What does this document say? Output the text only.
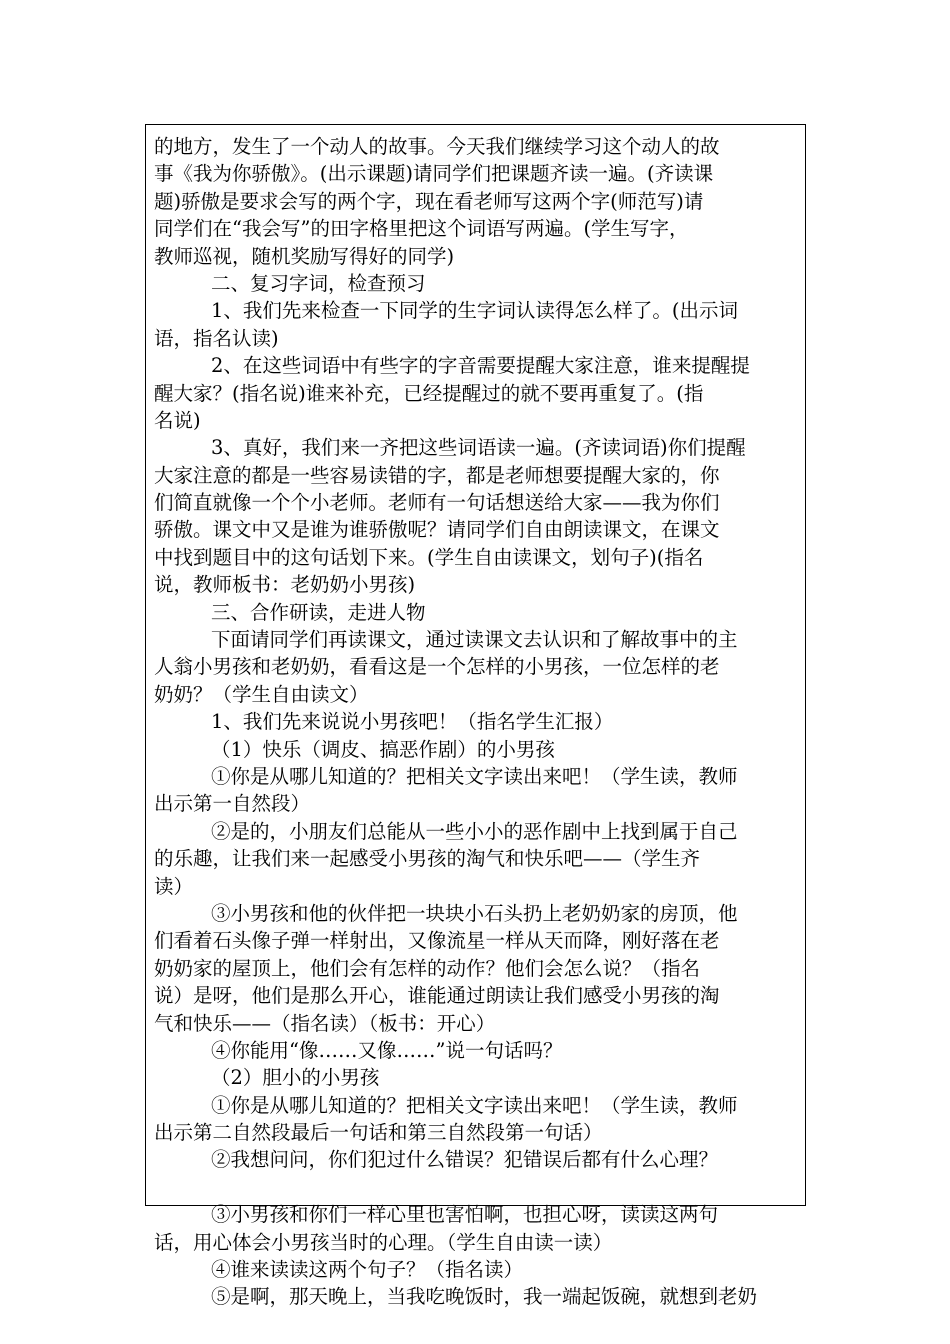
的地方，发生了一个动人的故事。今天我们继续学习这个动人的故
事《我为你骄傲》。(出示课题)请同学们把课题齐读一遍。(齐读课
题)骄傲是要求会写的两个字，现在看老师写这两个字(师范写)请
同学们在“我会写”的田字格里把这个词语写两遍。(学生写字，
教师巡视，随机奖励写得好的同学)
二、复习字词，检查预习
1、我们先来检查一下同学的生字词认读得怎么样了。(出示词
语，指名认读)
2、在这些词语中有些字的字音需要提醒大家注意，谁来提醒提
醒大家？(指名说)谁来补充，已经提醒过的就不要再重复了。(指
名说)
3、真好，我们来一齐把这些词语读一遍。(齐读词语)你们提醒
大家注意的都是一些容易读错的字，都是老师想要提醒大家的，你
们简直就像一个个小老师。老师有一句话想送给大家——我为你们
骄傲。课文中又是谁为谁骄傲呢？请同学们自由朗读课文，在课文
中找到题目中的这句话划下来。(学生自由读课文，划句子)(指名
说，教师板书：老奶奶小男孩)
三、合作研读，走进人物
下面请同学们再读课文，通过读课文去认识和了解故事中的主
人翁小男孩和老奶奶，看看这是一个怎样的小男孩，一位怎样的老
奶奶？（学生自由读文）
1、我们先来说说小男孩吧！（指名学生汇报）
（1）快乐（调皮、搞恶作剧）的小男孩
①你是从哪儿知道的？把相关文字读出来吧！（学生读，教师
出示第一自然段）
②是的，小朋友们总能从一些小小的恶作剧中上找到属于自己
的乐趣，让我们来一起感受小男孩的淘气和快乐吧——（学生齐
读）
③小男孩和他的伙伴把一块块小石头扔上老奶奶家的房顶，他
们看着石头像子弹一样射出，又像流星一样从天而降，刚好落在老
奶奶家的屋顶上，他们会有怎样的动作？他们会怎么说？（指名
说）是呀，他们是那么开心，谁能通过朗读让我们感受小男孩的淘
气和快乐——（指名读）（板书：开心）
④你能用“像……又像……”说一句话吗？
（2）胆小的小男孩
①你是从哪儿知道的？把相关文字读出来吧！（学生读，教师
出示第二自然段最后一句话和第三自然段第一句话）
②我想问问，你们犯过什么错误？犯错误后都有什么心理？
③小男孩和你们一样心里也害怕啊，也担心呀，读读这两句
话，用心体会小男孩当时的心理。（学生自由读一读）
④谁来读读这两个句子？（指名读）
⑤是啊，那天晚上，当我吃晚饭时，我一端起饭碗，就想到老奶
